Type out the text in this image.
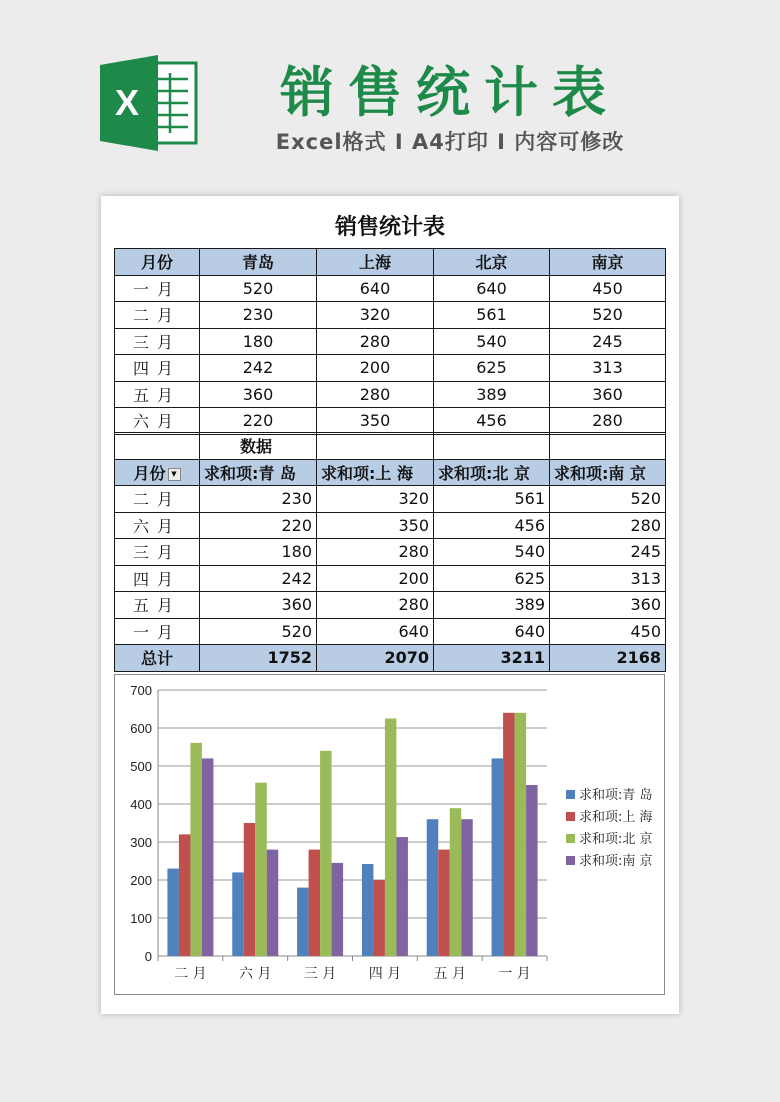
X	销售统计表
Excel格式 I A4打印 I 内容可修改
销售统计表
月份	青岛	上海	北京	南京
一月	520	640	640	450
二月	230	320	561	520
三月	180	280	540	245
四月	242	200	625	313
五月	360	280	389	360
六月	220	350	456	280
	数据			
月份 ▼	求和项:青 岛	求和项:上 海	求和项:北 京	求和项:南 京
二月	230	320	561	520
六月	220	350	456	280
三月	180	280	540	245
四月	242	200	625	313
五月	360	280	389	360
一月	520	640	640	450
总计	1752	2070	3211	2168
0
100
200
300
400
500
600
700
二 月 六 月 三 月 四 月 五 月 一 月
求和项:青 岛
求和项:上 海
求和项:北 京
求和项:南 京
